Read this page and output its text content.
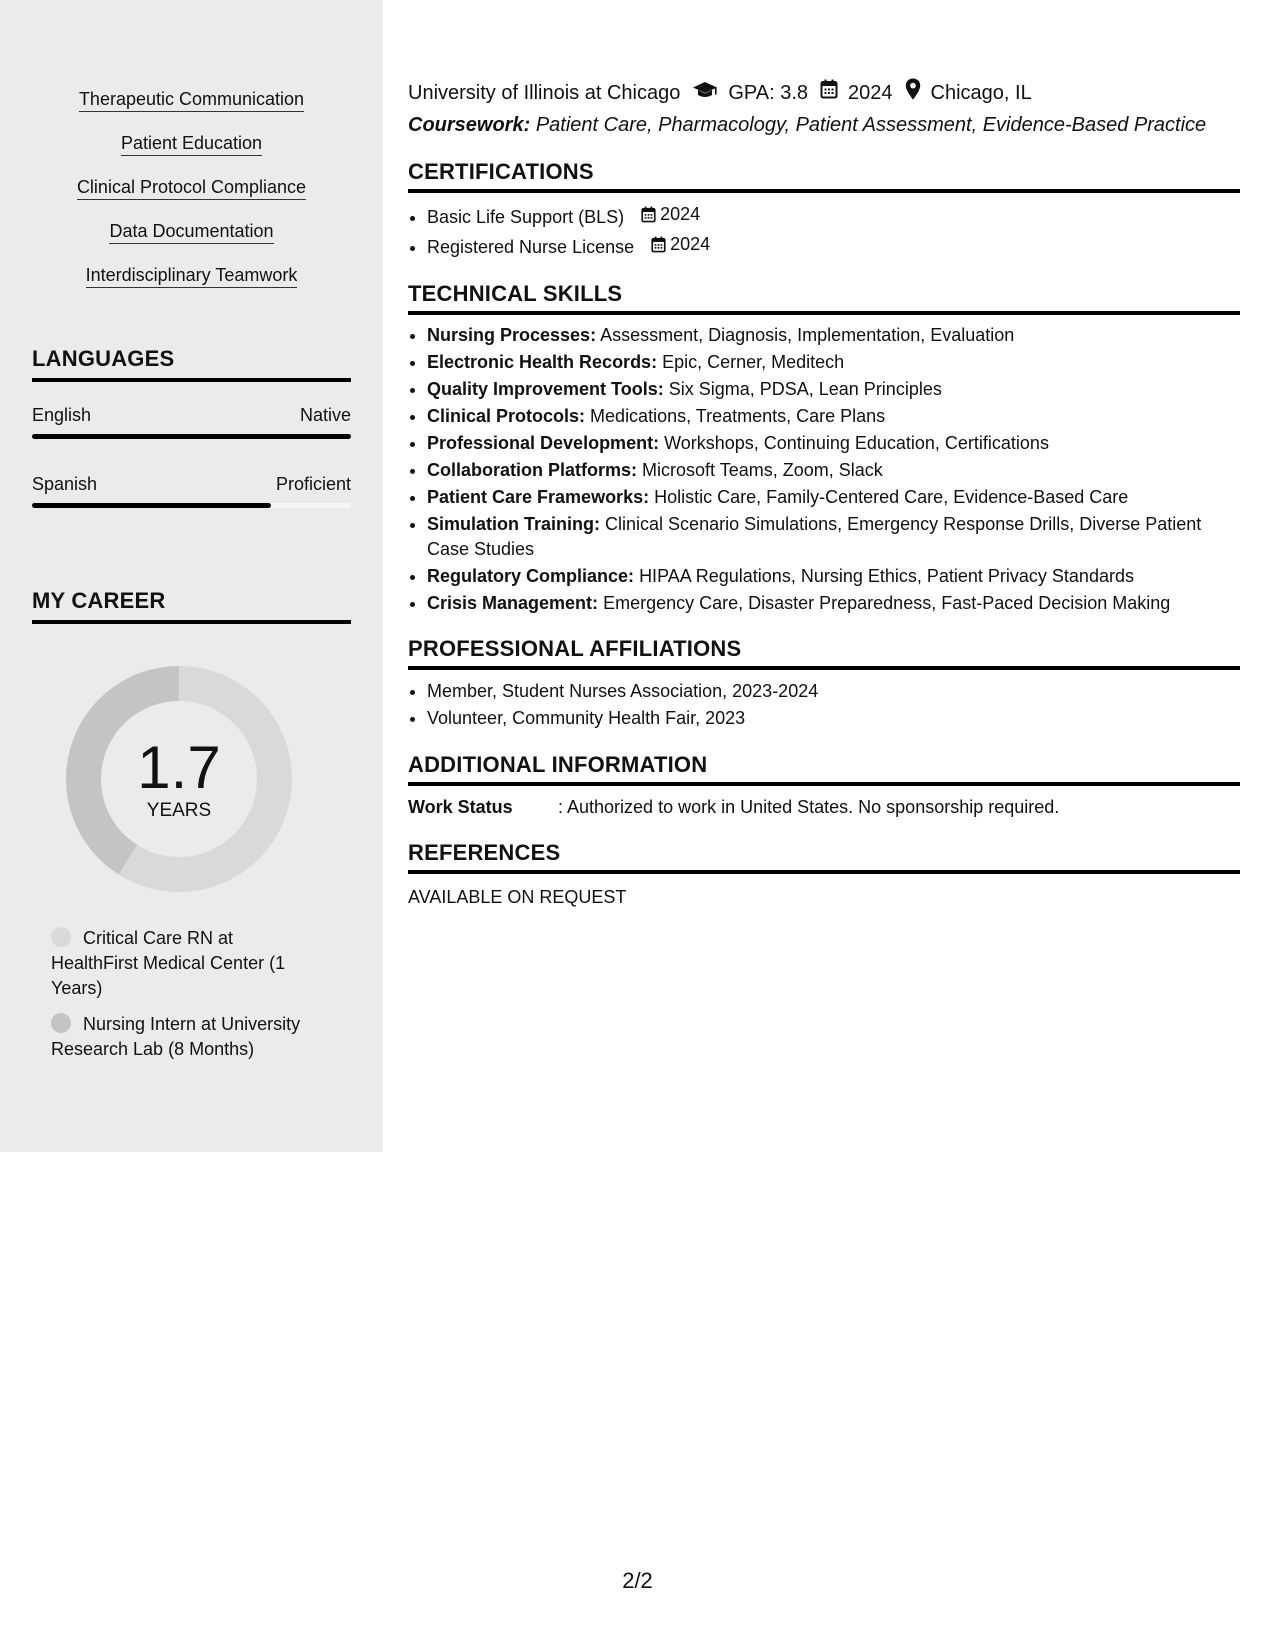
Therapeutic Communication
Patient Education
Clinical Protocol Compliance
Data Documentation
Interdisciplinary Teamwork
LANGUAGES
English	Native
Spanish	Proficient
MY CAREER
1.7
YEARS
Critical Care RN at HealthFirst Medical Center (1 Years)
Nursing Intern at University Research Lab (8 Months)
University of Illinois at Chicago GPA: 3.8 2024 Chicago, IL
Coursework: Patient Care, Pharmacology, Patient Assessment, Evidence-Based Practice
CERTIFICATIONS
• Basic Life Support (BLS) 2024
• Registered Nurse License 2024
TECHNICAL SKILLS
• Nursing Processes: Assessment, Diagnosis, Implementation, Evaluation
• Electronic Health Records: Epic, Cerner, Meditech
• Quality Improvement Tools: Six Sigma, PDSA, Lean Principles
• Clinical Protocols: Medications, Treatments, Care Plans
• Professional Development: Workshops, Continuing Education, Certifications
• Collaboration Platforms: Microsoft Teams, Zoom, Slack
• Patient Care Frameworks: Holistic Care, Family-Centered Care, Evidence-Based Care
• Simulation Training: Clinical Scenario Simulations, Emergency Response Drills, Diverse Patient Case Studies
• Regulatory Compliance: HIPAA Regulations, Nursing Ethics, Patient Privacy Standards
• Crisis Management: Emergency Care, Disaster Preparedness, Fast-Paced Decision Making
PROFESSIONAL AFFILIATIONS
• Member, Student Nurses Association, 2023-2024
• Volunteer, Community Health Fair, 2023
ADDITIONAL INFORMATION
Work Status	: Authorized to work in United States. No sponsorship required.
REFERENCES
AVAILABLE ON REQUEST
2/2
